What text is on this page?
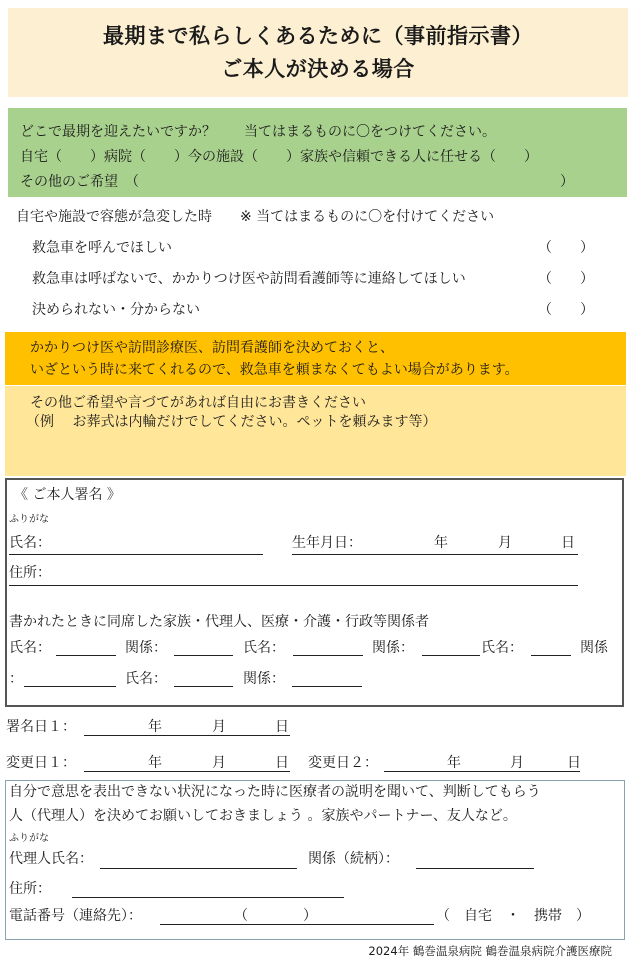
最期まで私らしくあるために（事前指示書）
ご本人が決める場合
どこで最期を迎えたいですか？　　当てはまるものに〇をつけてください。
自宅（　　）病院（　　）今の施設（　　）家族や信頼できる人に任せる（　　）
その他のご希望　（	）
自宅や施設で容態が急変した時　　※ 当てはまるものに〇を付けてください
救急車を呼んでほしい	（　　）
救急車は呼ばないで、かかりつけ医や訪問看護師等に連絡してほしい	（　　）
決められない・分からない	（　　）
かかりつけ医や訪問診療医、訪問看護師を決めておくと、
いざという時に来てくれるので、救急車を頼まなくてもよい場合があります。
その他ご希望や言づてがあれば自由にお書きください
（例　 お葬式は内輪だけでしてください。ペットを頼みます等）
《 ご本人署名 》
ふりがな
氏名：	生年月日：	年	月	日
住所：
書かれたときに同席した家族・代理人、医療・介護・行政等関係者
氏名：	関係：	氏名：	関係：	氏名：	関係
：	氏名：	関係：
署名日１：	年	月	日
変更日１：	年	月	日 変更日２：	年	月	日
自分で意思を表出できない状況になった時に医療者の説明を聞いて、判断してもらう
人（代理人）を決めてお願いしておきましょう 。家族やパートナー、友人など。
ふりがな
代理人氏名：	関係（続柄）：
住所：
電話番号（連絡先）：	（	）	（　自宅　・　携帯　）
2024年 鶴巻温泉病院 鶴巻温泉病院介護医療院
